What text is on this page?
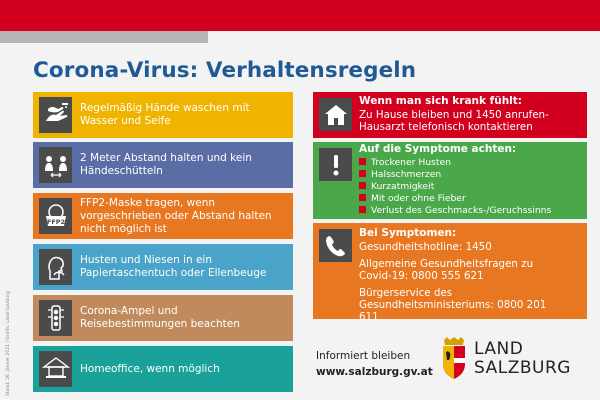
Corona-Virus: Verhaltensregeln
Stand: 26. Jänner 2021 | Grafik: Land Salzburg
Regelmäßig Hände waschen mit Wasser und Seife
2 Meter Abstand halten und kein Händeschütteln
FFP2
FFP2-Maske tragen, wenn vorgeschrieben oder Abstand halten nicht möglich ist
Husten und Niesen in ein Papiertaschentuch oder Ellenbeuge
Corona-Ampel und Reisebestimmungen beachten
Homeoffice, wenn möglich
Wenn man sich krank fühlt:
Zu Hause bleiben und 1450 anrufen-Hausarzt telefonisch kontaktieren
Auf die Symptome achten:
Trockener Husten
Halsschmerzen
Kurzatmigkeit
Mit oder ohne Fieber
Verlust des Geschmacks-/Geruchssinns
Bei Symptomen:
Gesundheitshotline: 1450
Allgemeine Gesundheitsfragen zu Covid-19: 0800 555 621
Bürgerservice des Gesundheitsministeriums: 0800 201 611
Informiert bleiben
www.salzburg.gv.at
LAND
SALZBURG
